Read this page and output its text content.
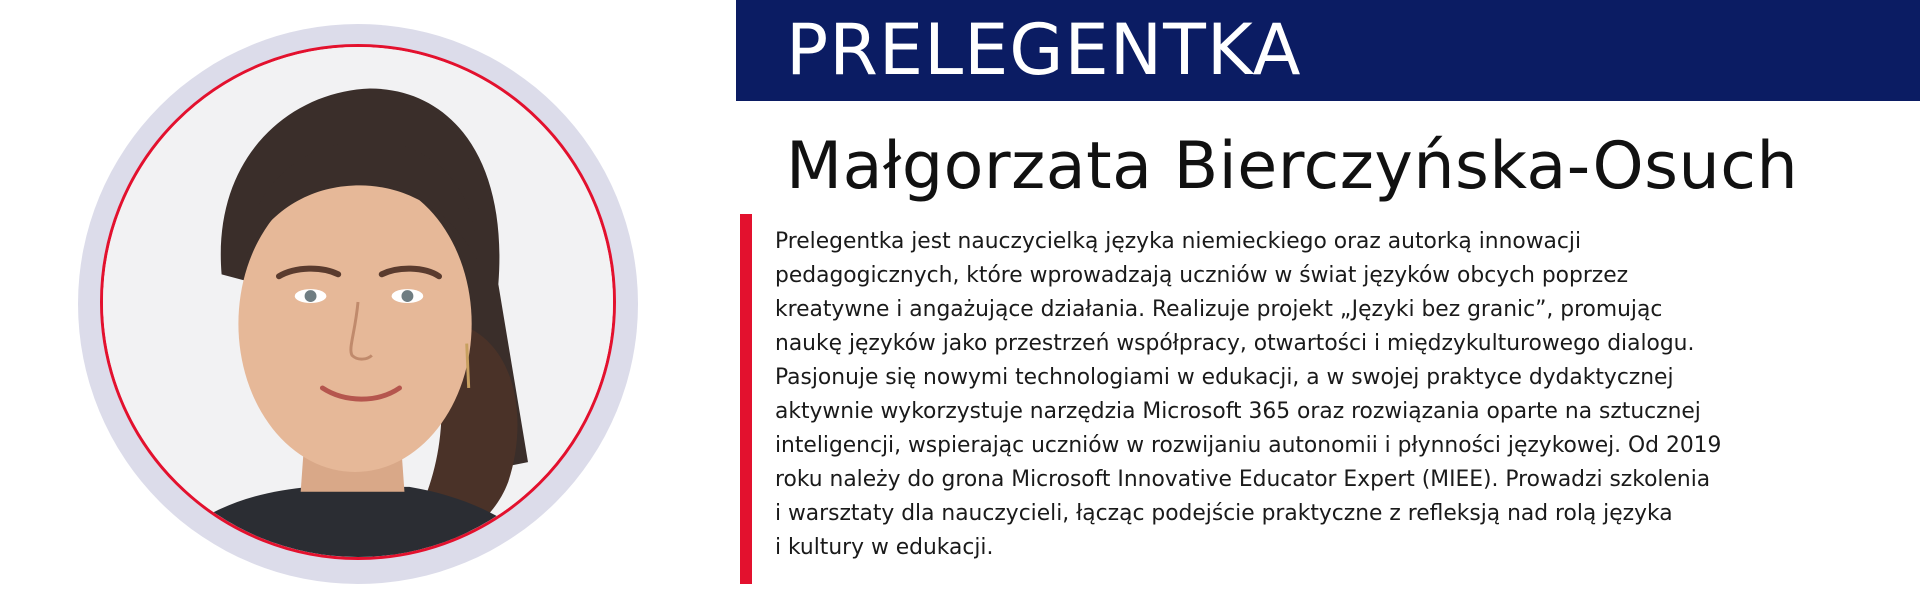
PRELEGENTKA
Małgorzata Bierczyńska-Osuch
Prelegentka jest nauczycielką języka niemieckiego oraz autorką innowacji
pedagogicznych, które wprowadzają uczniów w świat języków obcych poprzez
kreatywne i angażujące działania. Realizuje projekt „Języki bez granic”, promując
naukę języków jako przestrzeń współpracy, otwartości i międzykulturowego dialogu.
Pasjonuje się nowymi technologiami w edukacji, a w swojej praktyce dydaktycznej
aktywnie wykorzystuje narzędzia Microsoft 365 oraz rozwiązania oparte na sztucznej
inteligencji, wspierając uczniów w rozwijaniu autonomii i płynności językowej. Od 2019
roku należy do grona Microsoft Innovative Educator Expert (MIEE). Prowadzi szkolenia
i warsztaty dla nauczycieli, łącząc podejście praktyczne z refleksją nad rolą języka
i kultury w edukacji.
